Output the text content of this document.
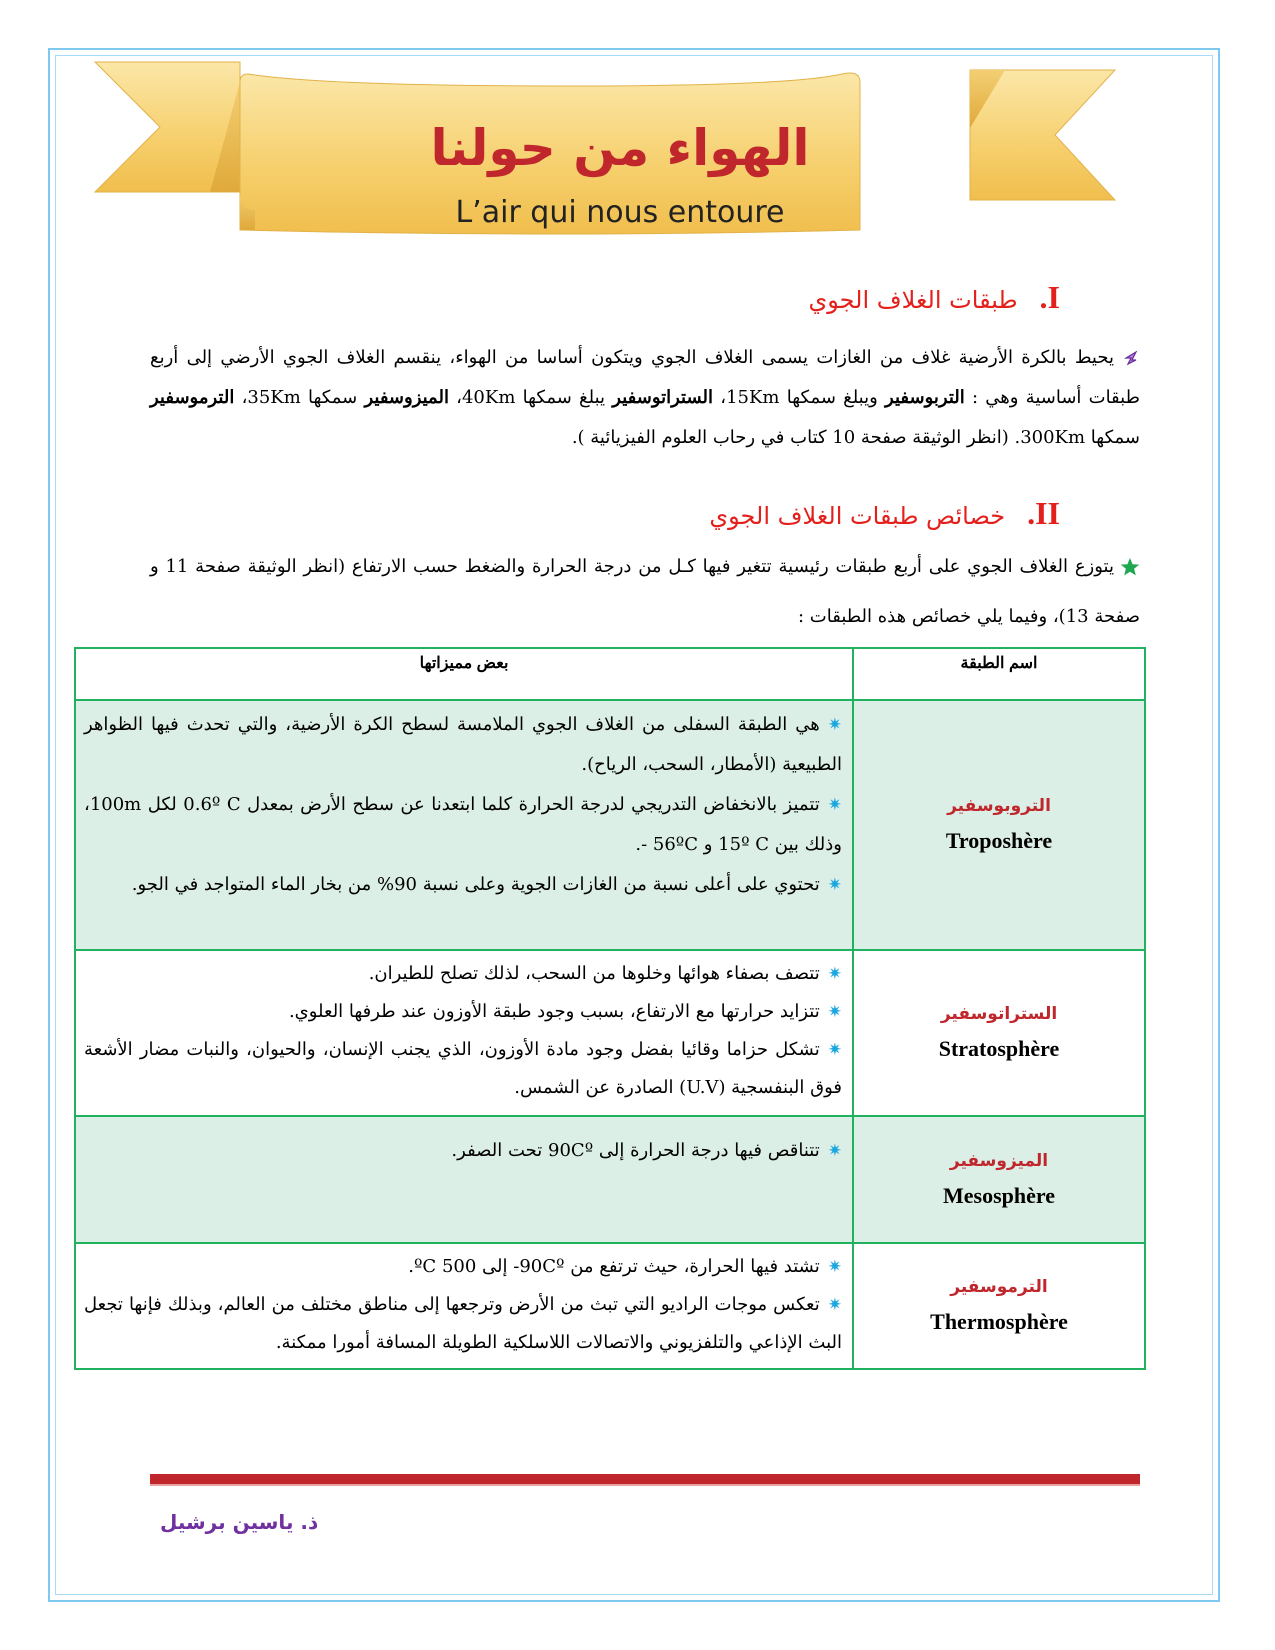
الهواء من حولنا

L’air qui nous entoure

I.
طبقات الغلاف الجوي

يحيط بالكرة الأرضية غلاف من الغازات يسمى الغلاف الجوي ويتكون أساسا من الهواء، ينقسم الغلاف الجوي الأرضي إلى أربع طبقات أساسية وهي : التربوسفير ويبلغ سمكها 15Km، الستراتوسفير يبلغ سمكها 40Km، الميزوسفير سمكها 35Km، الترموسفير سمكها 300Km. (انظر الوثيقة صفحة 10 كتاب في رحاب العلوم الفيزيائية ).

II.
خصائص طبقات الغلاف الجوي

يتوزع الغلاف الجوي على أربع طبقات رئيسية تتغير فيها كـل من درجة الحرارة والضغط حسب الارتفاع (انظر الوثيقة صفحة 11 و صفحة 13)، وفيما يلي خصائص هذه الطبقات :

اسم الطبقة	بعض مميزاتها

التروبوسفير
Troposhère	✷هي الطبقة السفلى من الغلاف الجوي الملامسة لسطح الكرة الأرضية، والتي تحدث فيها الظواهر الطبيعية (الأمطار، السحب، الرياح).
✷تتميز بالانخفاض التدريجي لدرجة الحرارة كلما ابتعدنا عن سطح الأرض بمعدل 0.6º C لكل 100m، وذلك بين 15º C و 56ºC -.
✷تحتوي على أعلى نسبة من الغازات الجوية وعلى نسبة 90% من بخار الماء المتواجد في الجو.

الستراتوسفير
Stratosphère	✷تتصف بصفاء هوائها وخلوها من السحب، لذلك تصلح للطيران.
✷تتزايد حرارتها مع الارتفاع، بسبب وجود طبقة الأوزون عند طرفها العلوي.
✷تشكل حزاما وقائيا بفضل وجود مادة الأوزون، الذي يجنب الإنسان، والحيوان، والنبات مضار الأشعة فوق البنفسجية (U.V) الصادرة عن الشمس.

الميزوسفير
Mesosphère	✷تتناقص فيها درجة الحرارة إلى 90Cº تحت الصفر.

الترموسفير
Thermosphère	✷تشتد فيها الحرارة، حيث ترتفع من 90Cº- إلى 500 ºC.
✷تعكس موجات الراديو التي تبث من الأرض وترجعها إلى مناطق مختلف من العالم، وبذلك فإنها تجعل البث الإذاعي والتلفزيوني والاتصالات اللاسلكية الطويلة المسافة أمورا ممكنة.

ذ. ياسين برشيل
